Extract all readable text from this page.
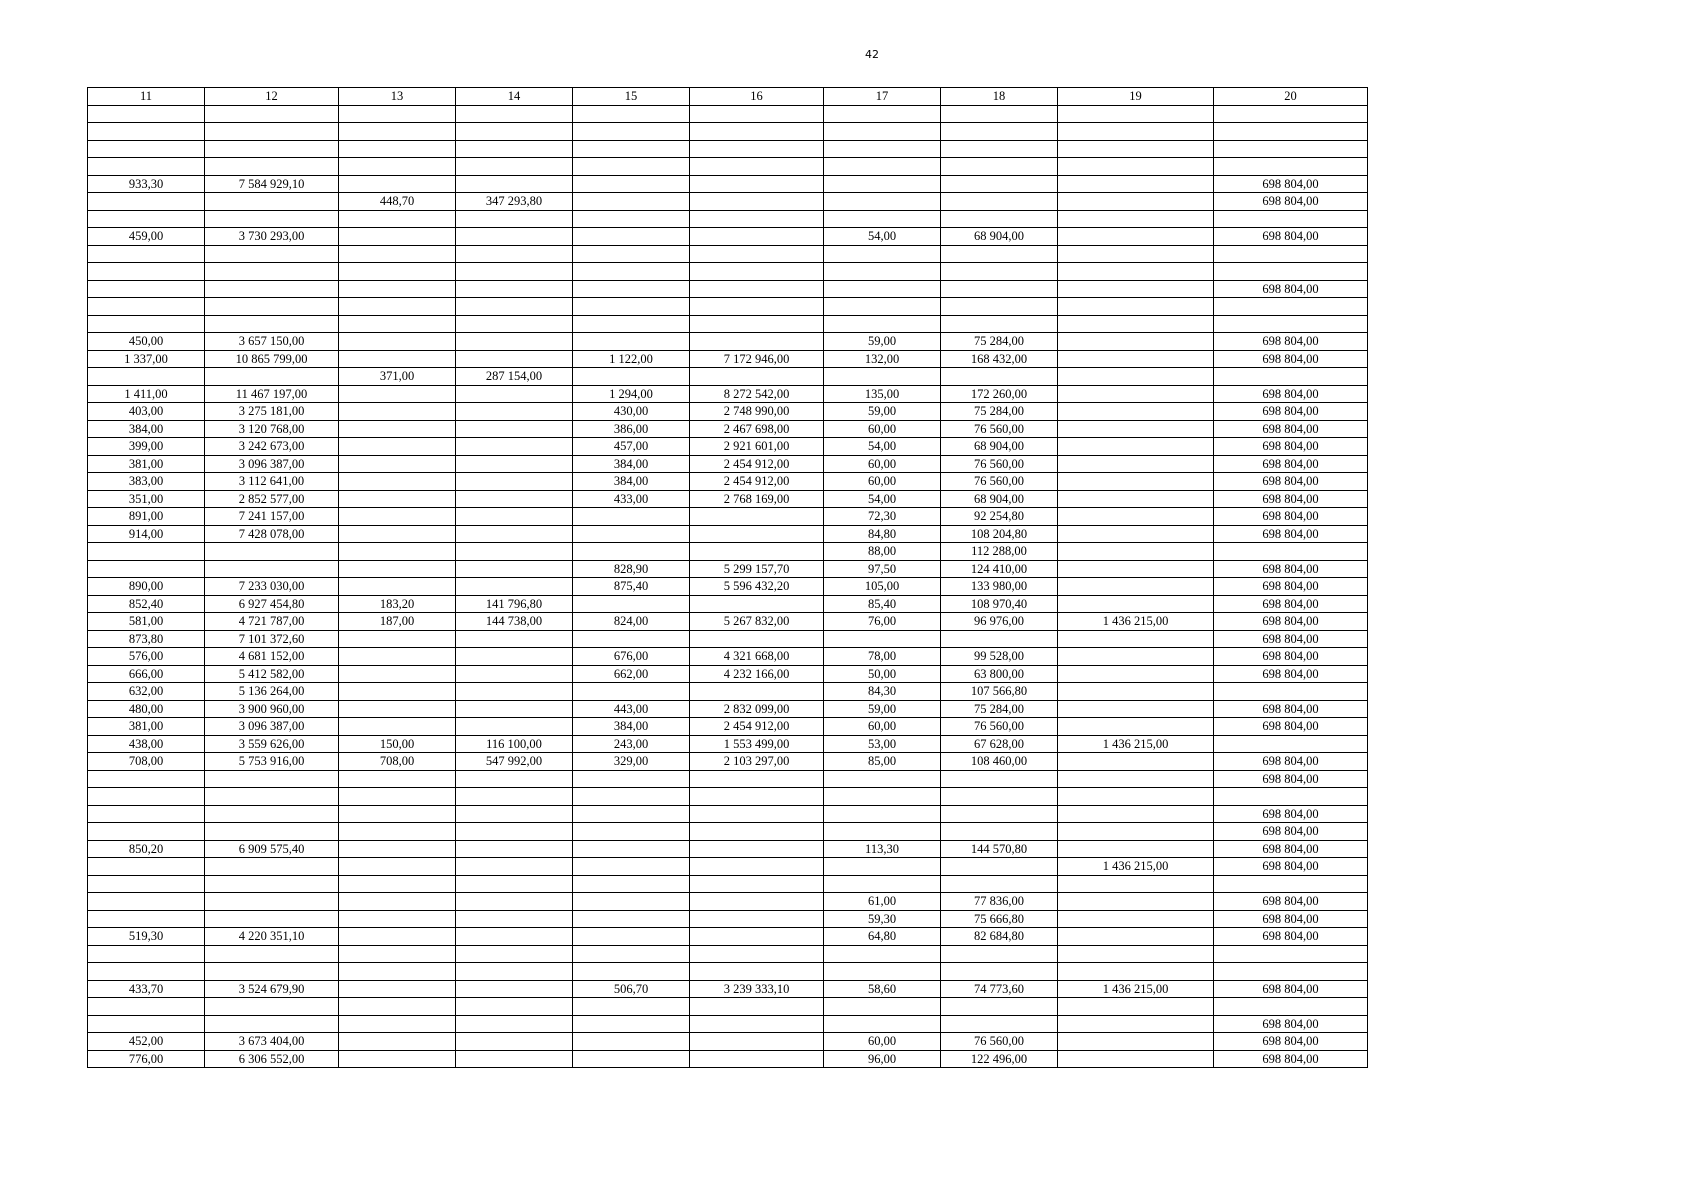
42
11	12	13	14	15	16	17	18	19	20

933,30	7 584 929,10								698 804,00
		448,70	347 293,80						698 804,00

459,00	3 730 293,00					54,00	68 904,00		698 804,00

									698 804,00

450,00	3 657 150,00					59,00	75 284,00		698 804,00
1 337,00	10 865 799,00			1 122,00	7 172 946,00	132,00	168 432,00		698 804,00
		371,00	287 154,00						
1 411,00	11 467 197,00			1 294,00	8 272 542,00	135,00	172 260,00		698 804,00
403,00	3 275 181,00			430,00	2 748 990,00	59,00	75 284,00		698 804,00
384,00	3 120 768,00			386,00	2 467 698,00	60,00	76 560,00		698 804,00
399,00	3 242 673,00			457,00	2 921 601,00	54,00	68 904,00		698 804,00
381,00	3 096 387,00			384,00	2 454 912,00	60,00	76 560,00		698 804,00
383,00	3 112 641,00			384,00	2 454 912,00	60,00	76 560,00		698 804,00
351,00	2 852 577,00			433,00	2 768 169,00	54,00	68 904,00		698 804,00
891,00	7 241 157,00					72,30	92 254,80		698 804,00
914,00	7 428 078,00					84,80	108 204,80		698 804,00
						88,00	112 288,00		
				828,90	5 299 157,70	97,50	124 410,00		698 804,00
890,00	7 233 030,00			875,40	5 596 432,20	105,00	133 980,00		698 804,00
852,40	6 927 454,80	183,20	141 796,80			85,40	108 970,40		698 804,00
581,00	4 721 787,00	187,00	144 738,00	824,00	5 267 832,00	76,00	96 976,00	1 436 215,00	698 804,00
873,80	7 101 372,60								698 804,00
576,00	4 681 152,00			676,00	4 321 668,00	78,00	99 528,00		698 804,00
666,00	5 412 582,00			662,00	4 232 166,00	50,00	63 800,00		698 804,00
632,00	5 136 264,00					84,30	107 566,80		
480,00	3 900 960,00			443,00	2 832 099,00	59,00	75 284,00		698 804,00
381,00	3 096 387,00			384,00	2 454 912,00	60,00	76 560,00		698 804,00
438,00	3 559 626,00	150,00	116 100,00	243,00	1 553 499,00	53,00	67 628,00	1 436 215,00	
708,00	5 753 916,00	708,00	547 992,00	329,00	2 103 297,00	85,00	108 460,00		698 804,00
									698 804,00

									698 804,00
									698 804,00
850,20	6 909 575,40					113,30	144 570,80		698 804,00
								1 436 215,00	698 804,00

						61,00	77 836,00		698 804,00
						59,30	75 666,80		698 804,00
519,30	4 220 351,10					64,80	82 684,80		698 804,00

433,70	3 524 679,90			506,70	3 239 333,10	58,60	74 773,60	1 436 215,00	698 804,00

									698 804,00
452,00	3 673 404,00					60,00	76 560,00		698 804,00
776,00	6 306 552,00					96,00	122 496,00		698 804,00
